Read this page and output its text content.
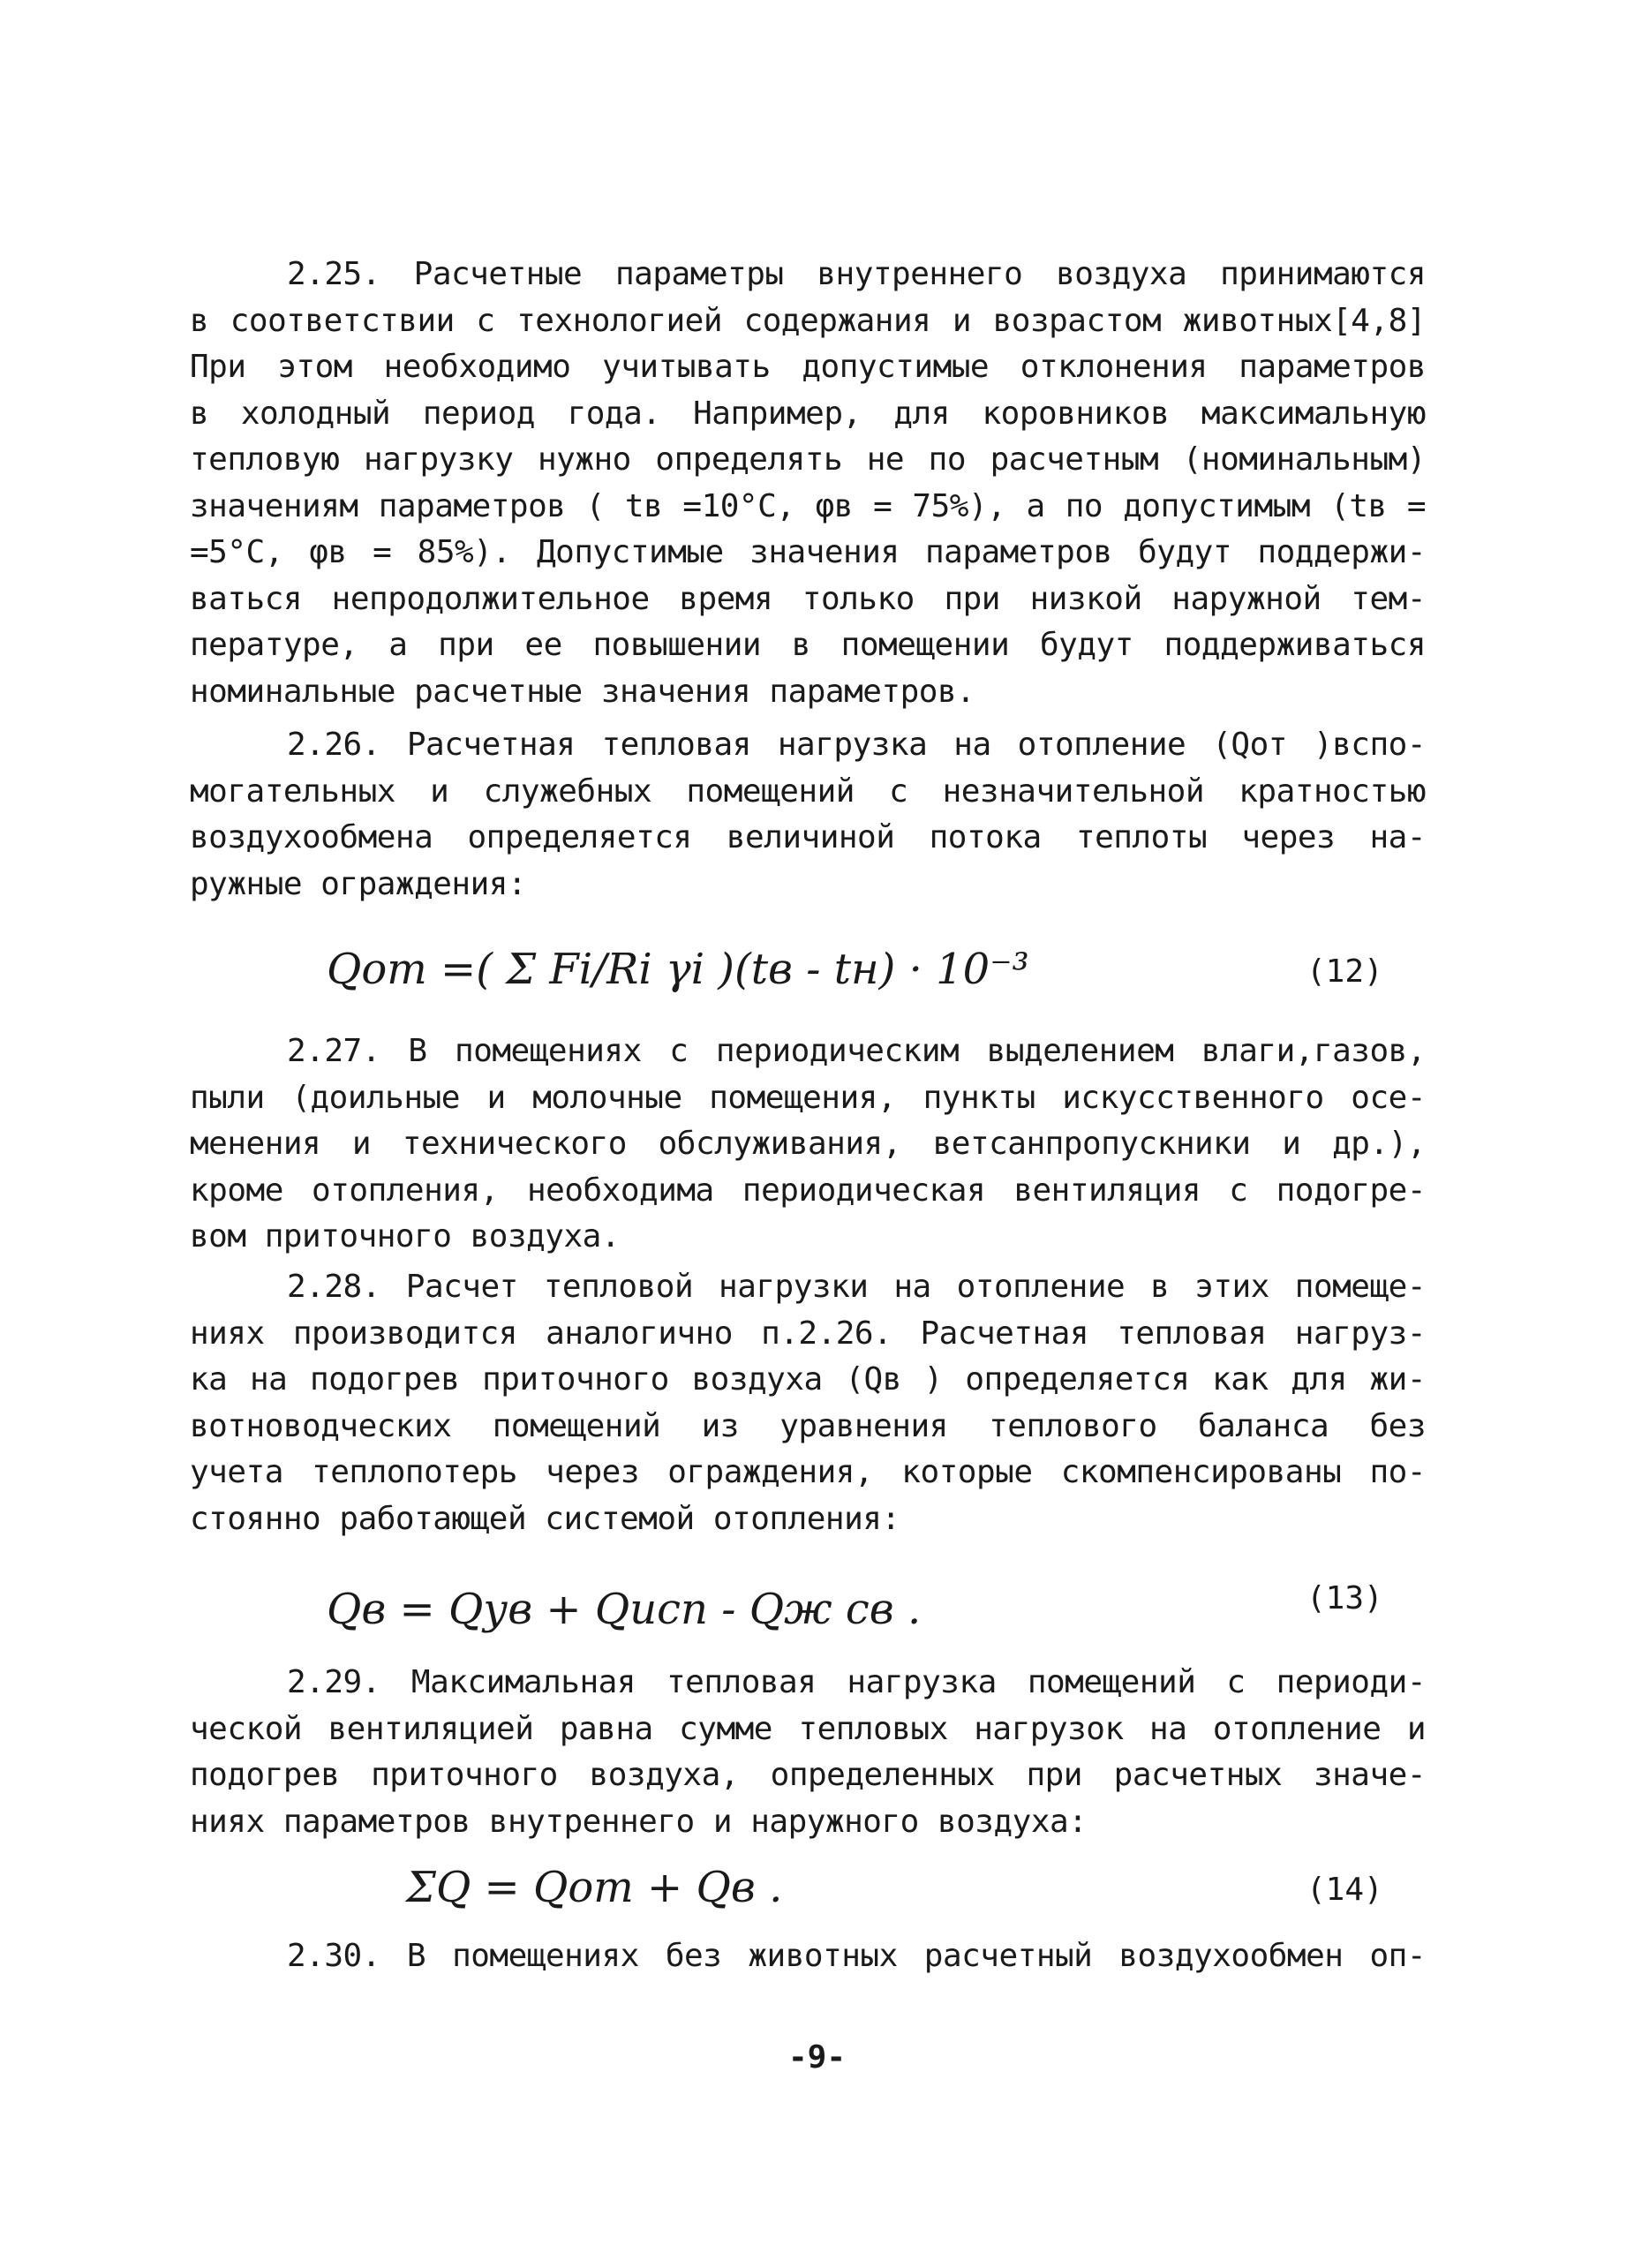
2.25. Расчетные параметры внутреннего воздуха принимаются
в соответствии с технологией содержания и возрастом животных[4,8]
При этом необходимо учитывать допустимые отклонения параметров
в холодный период года. Например, для коровников максимальную
тепловую нагрузку нужно определять не по расчетным (номинальным)
значениям параметров ( tв =10°С, φв = 75%), а по допустимым (tв =
=5°С, φв = 85%). Допустимые значения параметров будут поддержи-
ваться непродолжительное время только при низкой наружной тем-
пературе, а при ее повышении в помещении будут поддерживаться
номинальные расчетные значения параметров.
2.26. Расчетная тепловая нагрузка на отопление (Qот )вспо-
могательных и служебных помещений с незначительной кратностью
воздухообмена определяется величиной потока теплоты через на-
ружные ограждения:
Qот =( Σ Fi/Ri γi )(tв - tн) · 10⁻³	(12)
2.27. В помещениях с периодическим выделением влаги,газов,
пыли (доильные и молочные помещения, пункты искусственного осе-
менения и технического обслуживания, ветсанпропускники и др.),
кроме отопления, необходима периодическая вентиляция с подогре-
вом приточного воздуха.
2.28. Расчет тепловой нагрузки на отопление в этих помеще-
ниях производится аналогично п.2.26. Расчетная тепловая нагруз-
ка на подогрев приточного воздуха (Qв ) определяется как для жи-
вотноводческих помещений из уравнения теплового баланса без
учета теплопотерь через ограждения, которые скомпенсированы по-
стоянно работающей системой отопления:
Qв = Qув + Qисп - Qж св .	(13)
2.29. Максимальная тепловая нагрузка помещений с периоди-
ческой вентиляцией равна сумме тепловых нагрузок на отопление и
подогрев приточного воздуха, определенных при расчетных значе-
ниях параметров внутреннего и наружного воздуха:
ΣQ = Qот + Qв .	(14)
2.30. В помещениях без животных расчетный воздухообмен оп-
-9-
